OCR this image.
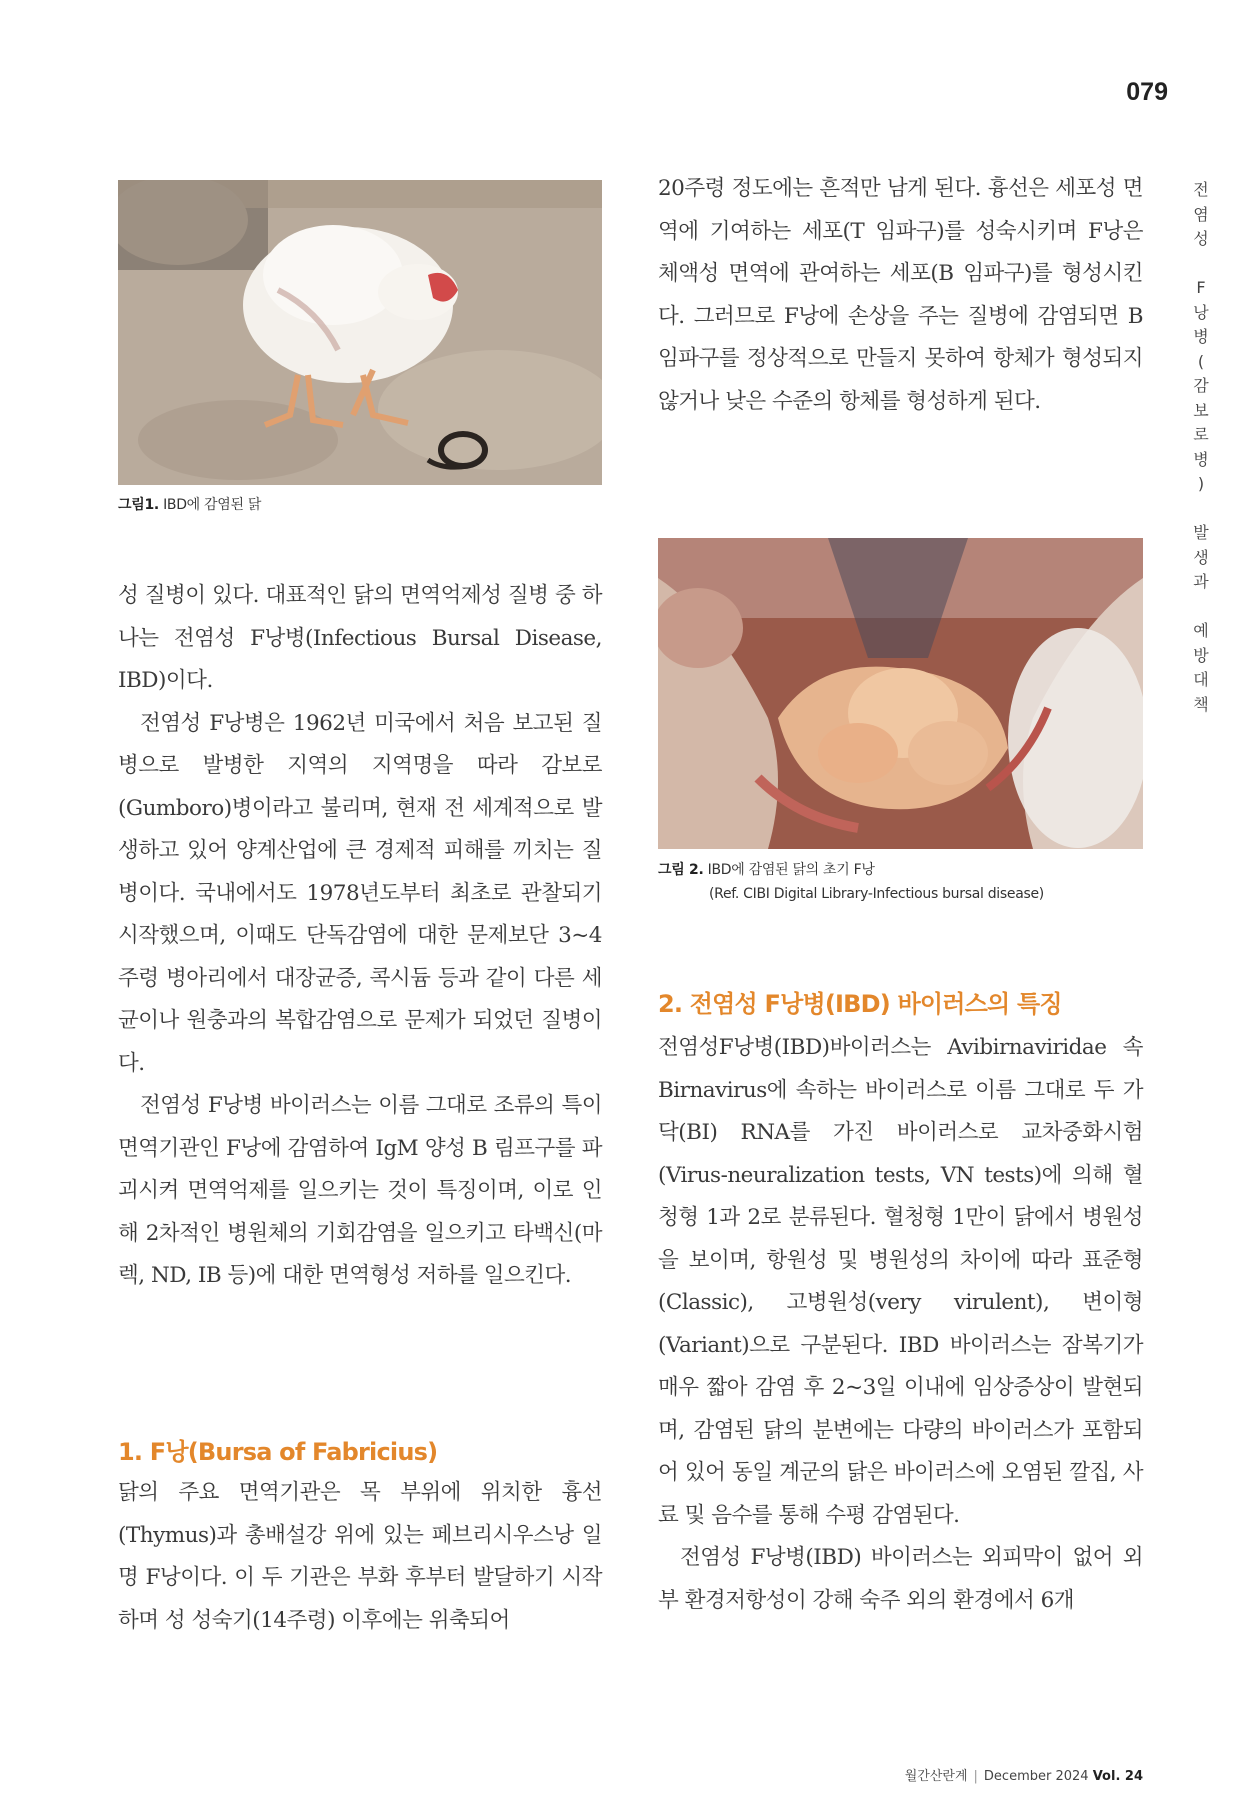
079
전
염
성

F
낭
병
(
감
보
로
병
)

발
생
과

예
방
대
책
그림1. IBD에 감염된 닭
그림 2. IBD에 감염된 닭의 초기 F낭
(Ref. CIBI Digital Library-Infectious bursal disease)

성 질병이 있다. 대표적인 닭의 면역억제성 질병 중 하나는 전염성 F낭병(Infectious Bursal Disease, IBD)이다.

전염성 F낭병은 1962년 미국에서 처음 보고된 질병으로 발병한 지역의 지역명을 따라 감보로(Gumboro)병이라고 불리며, 현재 전 세계적으로 발생하고 있어 양계산업에 큰 경제적 피해를 끼치는 질병이다. 국내에서도 1978년도부터 최초로 관찰되기 시작했으며, 이때도 단독감염에 대한 문제보단 3~4주령 병아리에서 대장균증, 콕시듐 등과 같이 다른 세균이나 원충과의 복합감염으로 문제가 되었던 질병이다.

전염성 F낭병 바이러스는 이름 그대로 조류의 특이 면역기관인 F낭에 감염하여 IgM 양성 B 림프구를 파괴시켜 면역억제를 일으키는 것이 특징이며, 이로 인해 2차적인 병원체의 기회감염을 일으키고 타백신(마렉, ND, IB 등)에 대한 면역형성 저하를 일으킨다.

1. F낭(Bursa of Fabricius)

닭의 주요 면역기관은 목 부위에 위치한 흉선(Thymus)과 총배설강 위에 있는 페브리시우스낭 일명 F낭이다. 이 두 기관은 부화 후부터 발달하기 시작하며 성 성숙기(14주령) 이후에는 위축되어

20주령 정도에는 흔적만 남게 된다. 흉선은 세포성 면역에 기여하는 세포(T 임파구)를 성숙시키며 F낭은 체액성 면역에 관여하는 세포(B 임파구)를 형성시킨다. 그러므로 F낭에 손상을 주는 질병에 감염되면 B 임파구를 정상적으로 만들지 못하여 항체가 형성되지 않거나 낮은 수준의 항체를 형성하게 된다.

2. 전염성 F낭병(IBD) 바이러스의 특징

전염성F낭병(IBD)바이러스는 Avibirnaviridae 속 Birnavirus에 속하는 바이러스로 이름 그대로 두 가닥(BI) RNA를 가진 바이러스로 교차중화시험(Virus-neuralization tests, VN tests)에 의해 혈청형 1과 2로 분류된다. 혈청형 1만이 닭에서 병원성을 보이며, 항원성 및 병원성의 차이에 따라 표준형(Classic), 고병원성(very virulent), 변이형(Variant)으로 구분된다. IBD 바이러스는 잠복기가 매우 짧아 감염 후 2~3일 이내에 임상증상이 발현되며, 감염된 닭의 분변에는 다량의 바이러스가 포함되어 있어 동일 계군의 닭은 바이러스에 오염된 깔집, 사료 및 음수를 통해 수평 감염된다.

전염성 F낭병(IBD) 바이러스는 외피막이 없어 외부 환경저항성이 강해 숙주 외의 환경에서 6개

월간산란계 | December 2024 Vol. 24
